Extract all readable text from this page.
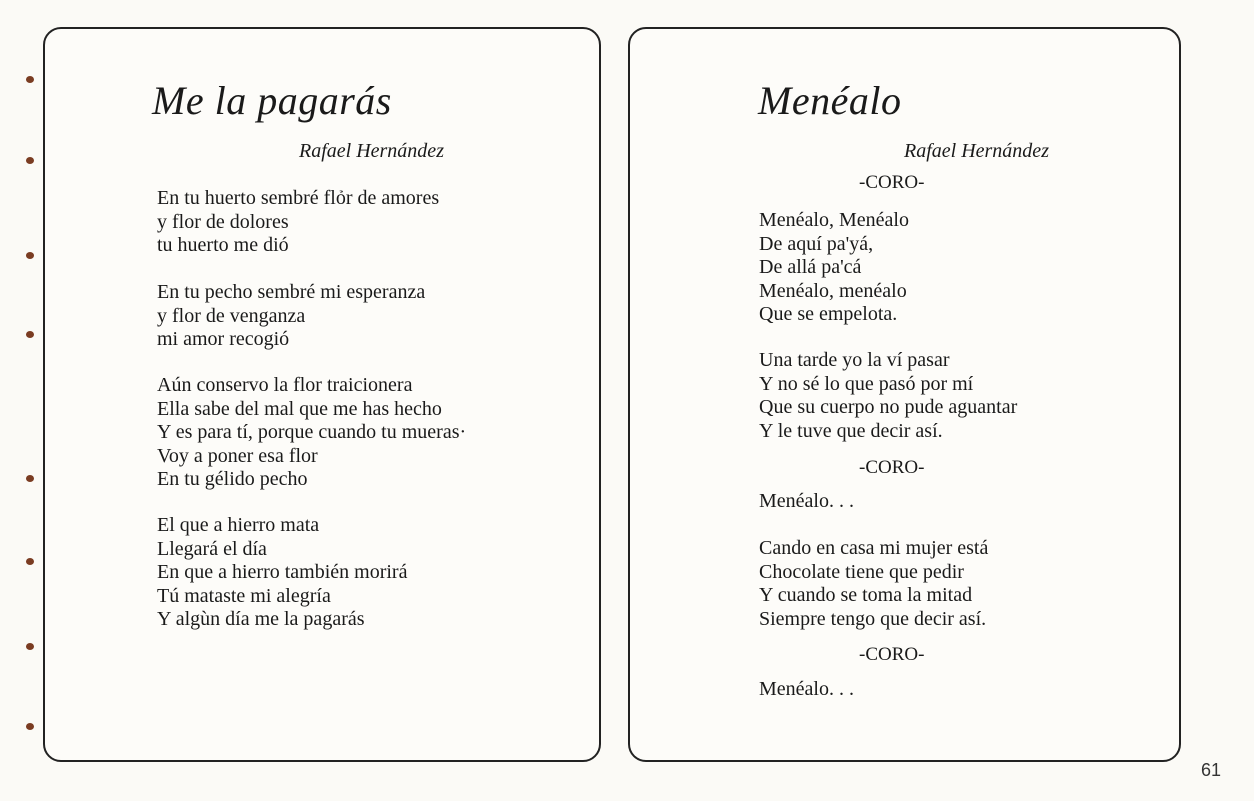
Me la pagarás

Rafael Hernández

En tu huerto sembré flỏr de amores
y flor de dolores
tu huerto me dió
En tu pecho sembré mi esperanza
y flor de venganza
mi amor recogió
Aún conservo la flor traicionera
Ella sabe del mal que me has hecho
Y es para tí, porque cuando tu mueras·
Voy a poner esa flor
En tu gélido pecho
El que a hierro mata
Llegará el día
En que a hierro también morirá
Tú mataste mi alegría
Y algùn día me la pagarás
Menéalo

Rafael Hernández

-CORO-
Menéalo, Menéalo
De aquí pa'yá,
De allá pa'cá
Menéalo, menéalo
Que se empelota.
Una tarde yo la ví pasar
Y no sé lo que pasó por mí
Que su cuerpo no pude aguantar
Y le tuve que decir así.
-CORO-
Menéalo. . .
Cando en casa mi mujer está
Chocolate tiene que pedir
Y cuando se toma la mitad
Siempre tengo que decir así.
-CORO-
Menéalo. . .
61
